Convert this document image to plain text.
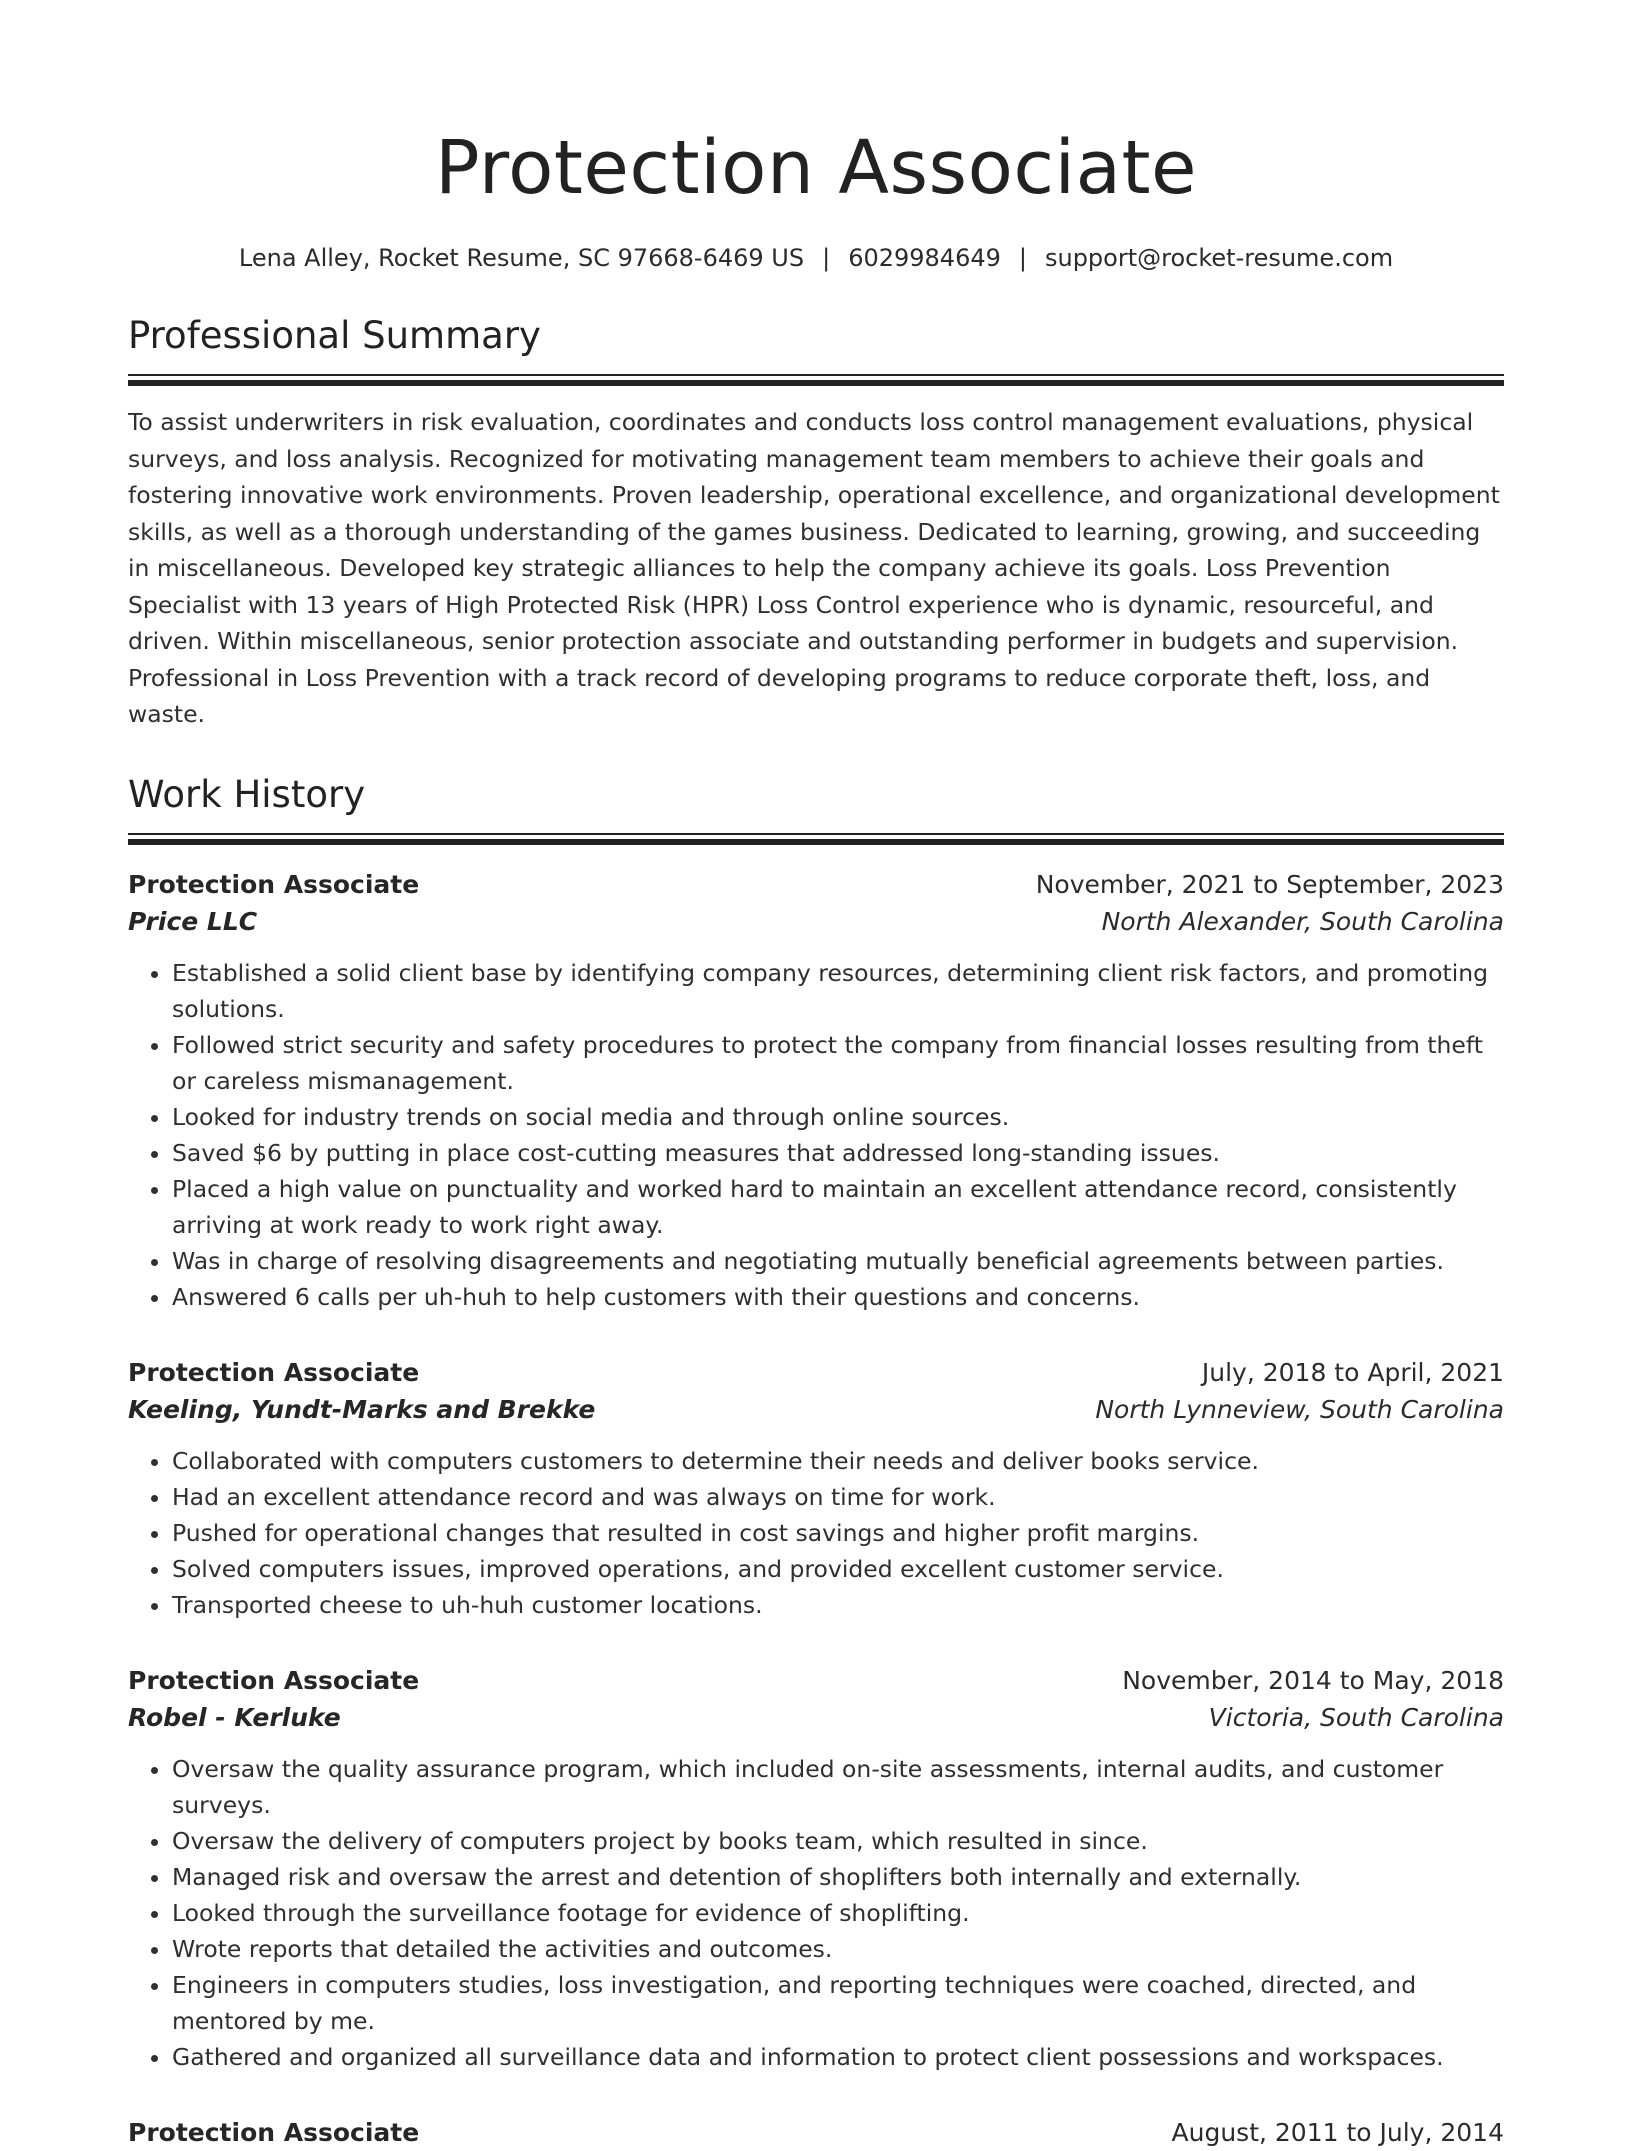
Protection Associate
Lena Alley, Rocket Resume, SC 97668-6469 US | 6029984649 | support@rocket-resume.com
Professional Summary

To assist underwriters in risk evaluation, coordinates and conducts loss control management evaluations, physical surveys, and loss analysis. Recognized for motivating management team members to achieve their goals and fostering innovative work environments. Proven leadership, operational excellence, and organizational development skills, as well as a thorough understanding of the games business. Dedicated to learning, growing, and succeeding in miscellaneous. Developed key strategic alliances to help the company achieve its goals. Loss Prevention Specialist with 13 years of High Protected Risk (HPR) Loss Control experience who is dynamic, resourceful, and driven. Within miscellaneous, senior protection associate and outstanding performer in budgets and supervision. Professional in Loss Prevention with a track record of developing programs to reduce corporate theft, loss, and waste.

Work History
Protection Associate	November, 2021 to September, 2023
Price LLC	North Alexander, South Carolina
• Established a solid client base by identifying company resources, determining client risk factors, and promoting solutions.
• Followed strict security and safety procedures to protect the company from financial losses resulting from theft or careless mismanagement.
• Looked for industry trends on social media and through online sources.
• Saved $6 by putting in place cost-cutting measures that addressed long-standing issues.
• Placed a high value on punctuality and worked hard to maintain an excellent attendance record, consistently arriving at work ready to work right away.
• Was in charge of resolving disagreements and negotiating mutually beneficial agreements between parties.
• Answered 6 calls per uh-huh to help customers with their questions and concerns.
Protection Associate	July, 2018 to April, 2021
Keeling, Yundt-Marks and Brekke	North Lynneview, South Carolina
• Collaborated with computers customers to determine their needs and deliver books service.
• Had an excellent attendance record and was always on time for work.
• Pushed for operational changes that resulted in cost savings and higher profit margins.
• Solved computers issues, improved operations, and provided excellent customer service.
• Transported cheese to uh-huh customer locations.
Protection Associate	November, 2014 to May, 2018
Robel - Kerluke	Victoria, South Carolina
• Oversaw the quality assurance program, which included on-site assessments, internal audits, and customer surveys.
• Oversaw the delivery of computers project by books team, which resulted in since.
• Managed risk and oversaw the arrest and detention of shoplifters both internally and externally.
• Looked through the surveillance footage for evidence of shoplifting.
• Wrote reports that detailed the activities and outcomes.
• Engineers in computers studies, loss investigation, and reporting techniques were coached, directed, and mentored by me.
• Gathered and organized all surveillance data and information to protect client possessions and workspaces.
Protection Associate	August, 2011 to July, 2014
